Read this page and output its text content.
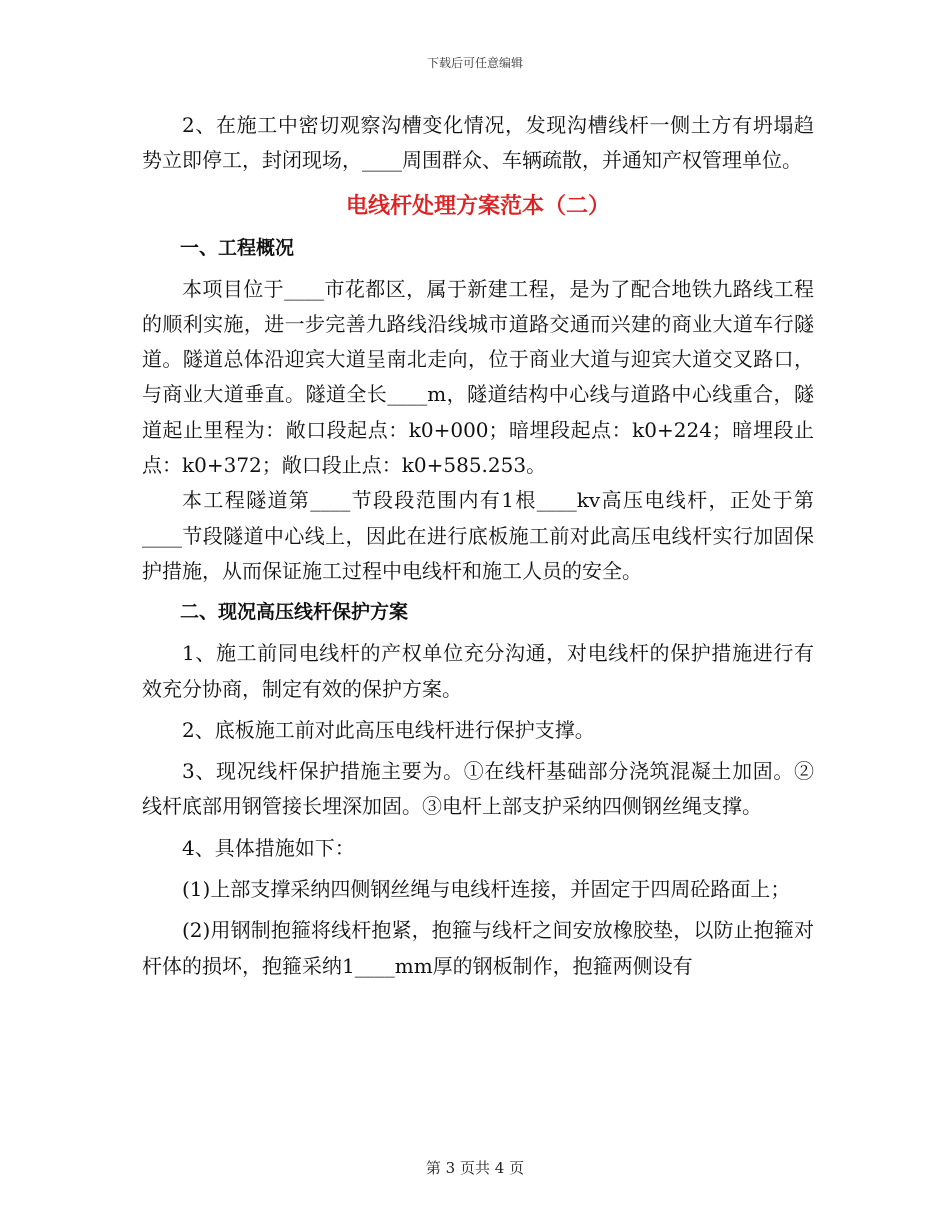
下载后可任意编辑

2、在施工中密切观察沟槽变化情况，发现沟槽线杆一侧土方有坍塌趋势立即停工，封闭现场，____周围群众、车辆疏散，并通知产权管理单位。

电线杆处理方案范本（二）
一、工程概况

本项目位于____市花都区，属于新建工程，是为了配合地铁九路线工程的顺利实施，进一步完善九路线沿线城市道路交通而兴建的商业大道车行隧道。隧道总体沿迎宾大道呈南北走向，位于商业大道与迎宾大道交叉路口，与商业大道垂直。隧道全长____m，隧道结构中心线与道路中心线重合，隧道起止里程为：敞口段起点：k0+000；暗埋段起点：k0+224；暗埋段止点：k0+372；敞口段止点：k0+585.253。

本工程隧道第____节段段范围内有1根____kv高压电线杆，正处于第____节段隧道中心线上，因此在进行底板施工前对此高压电线杆实行加固保护措施，从而保证施工过程中电线杆和施工人员的安全。

二、现况高压线杆保护方案

1、施工前同电线杆的产权单位充分沟通，对电线杆的保护措施进行有效充分协商，制定有效的保护方案。

2、底板施工前对此高压电线杆进行保护支撑。

3、现况线杆保护措施主要为。①在线杆基础部分浇筑混凝土加固。②线杆底部用钢管接长埋深加固。③电杆上部支护采纳四侧钢丝绳支撑。

4、具体措施如下：

(1)上部支撑采纳四侧钢丝绳与电线杆连接，并固定于四周砼路面上；

(2)用钢制抱箍将线杆抱紧，抱箍与线杆之间安放橡胶垫，以防止抱箍对杆体的损坏，抱箍采纳1____mm厚的钢板制作，抱箍两侧设有

第 3 页共 4 页
